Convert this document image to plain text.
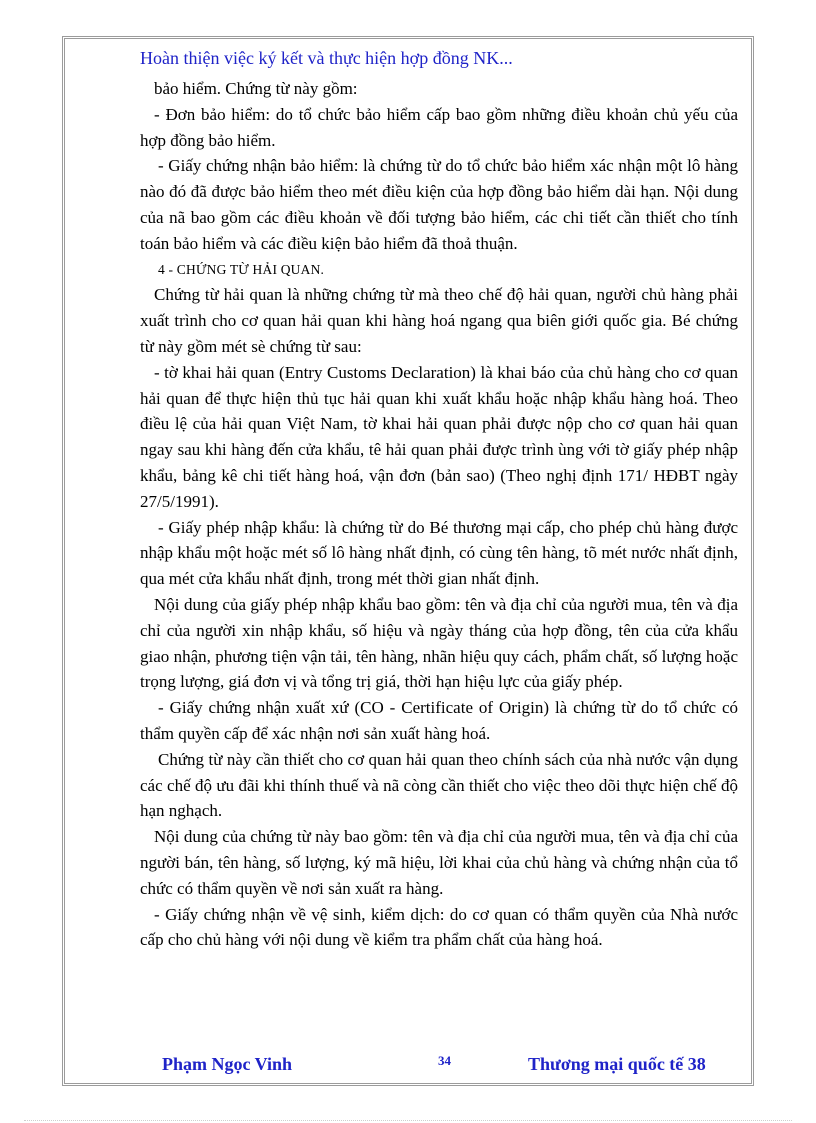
Hoàn thiện việc ký kết và thực hiện hợp đồng NK...

bảo hiểm. Chứng từ này gồm:

- Đơn bảo hiểm: do tổ chức bảo hiểm cấp bao gồm những điều khoản chủ yếu của hợp đồng bảo hiểm.

- Giấy chứng nhận bảo hiểm: là chứng từ do tổ chức bảo hiểm xác nhận một lô hàng nào đó đã được bảo hiểm theo mét điều kiện của hợp đồng bảo hiểm dài hạn. Nội dung của nã bao gồm các điều khoản về đối tượng bảo hiểm, các chi tiết cần thiết cho tính toán bảo hiểm và các điều kiện bảo hiểm đã thoả thuận.

4 - CHỨNG TỪ HẢI QUAN.

Chứng từ hải quan là những chứng từ mà theo chế độ hải quan, người chủ hàng phải xuất trình cho cơ quan hải quan khi hàng hoá ngang qua biên giới quốc gia. Bé chứng từ này gồm mét sè chứng từ sau:

- tờ khai hải quan (Entry Customs Declaration) là khai báo của chủ hàng cho cơ quan hải quan để thực hiện thủ tục hải quan khi xuất khẩu hoặc nhập khẩu hàng hoá. Theo điều lệ của hải quan Việt Nam, tờ khai hải quan phải được nộp cho cơ quan hải quan ngay sau khi hàng đến cửa khẩu, tê hải quan phải được trình ùng với tờ giấy phép nhập khẩu, bảng kê chi tiết hàng hoá, vận đơn (bản sao) (Theo nghị định 171/ HĐBT ngày 27/5/1991).

- Giấy phép nhập khẩu: là chứng từ do Bé thương mại cấp, cho phép chủ hàng được nhập khẩu một hoặc mét số lô hàng nhất định, có cùng tên hàng, tõ mét nước nhất định, qua mét cửa khẩu nhất định, trong mét thời gian nhất định.

Nội dung của giấy phép nhập khẩu bao gồm: tên và địa chỉ của người mua, tên và địa chỉ của người xin nhập khẩu, số hiệu và ngày tháng của hợp đồng, tên của cửa khẩu giao nhận, phương tiện vận tải, tên hàng, nhãn hiệu quy cách, phẩm chất, số lượng hoặc trọng lượng, giá đơn vị và tổng trị giá, thời hạn hiệu lực của giấy phép.

- Giấy chứng nhận xuất xứ (CO - Certificate of Origin) là chứng từ do tổ chức có thẩm quyền cấp để xác nhận nơi sản xuất hàng hoá.

Chứng từ này cần thiết cho cơ quan hải quan theo chính sách của nhà nước vận dụng các chế độ ưu đãi khi thính thuế và nã còng cần thiết cho việc theo dõi thực hiện chế độ hạn nghạch.

Nội dung của chứng từ này bao gồm: tên và địa chỉ của người mua, tên và địa chỉ của người bán, tên hàng, số lượng, ký mã hiệu, lời khai của chủ hàng và chứng nhận của tổ chức có thẩm quyền về nơi sản xuất ra hàng.

- Giấy chứng nhận về vệ sinh, kiểm dịch: do cơ quan có thẩm quyền của Nhà nước cấp cho chủ hàng với nội dung về kiểm tra phẩm chất của hàng hoá.

Phạm Ngọc Vinh	34	Thương mại quốc tế 38
